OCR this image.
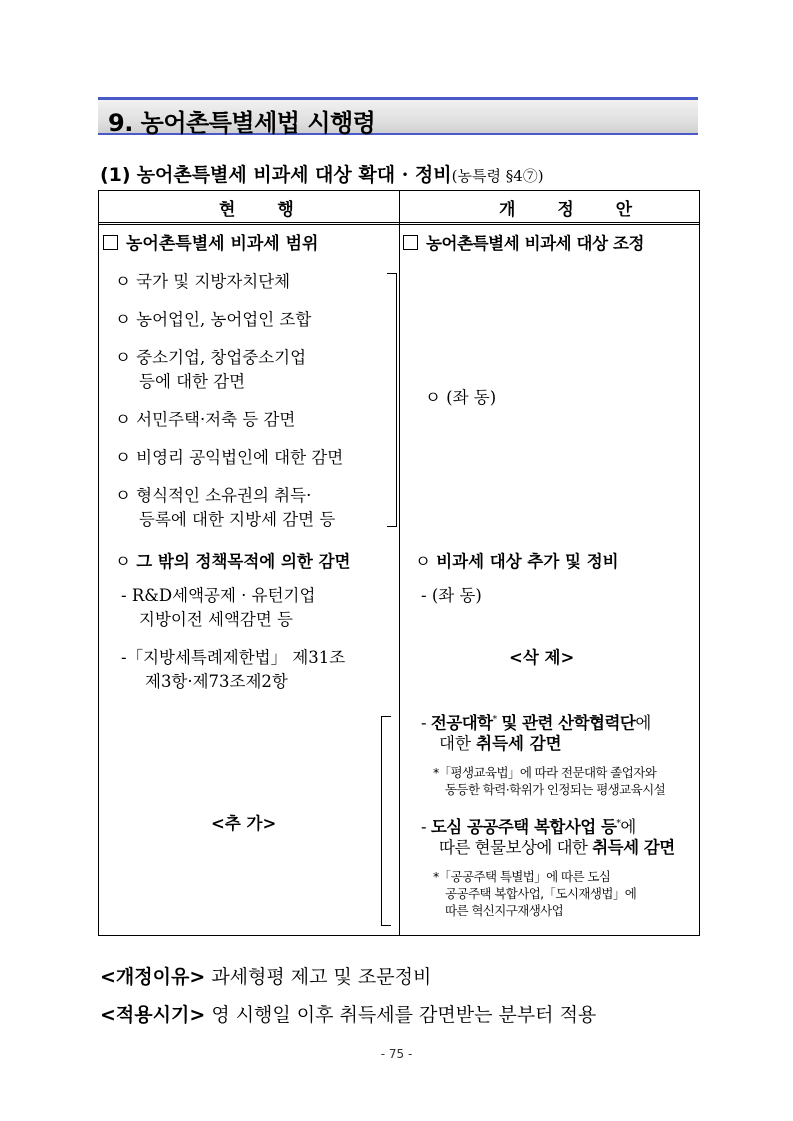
9. 농어촌특별세법 시행령
(1) 농어촌특별세 비과세 대상 확대 · 정비(농특령 §4⑦)
현 행	개 정 안
농어촌특별세 비과세 범위
ㅇ 국가 및 지방자치단체
ㅇ 농어업인, 농어업인 조합
ㅇ 중소기업, 창업중소기업
등에 대한 감면
ㅇ 서민주택·저축 등 감면
ㅇ 비영리 공익법인에 대한 감면
ㅇ 형식적인 소유권의 취득·
등록에 대한 지방세 감면 등
ㅇ 그 밖의 정책목적에 의한 감면
- R&D세액공제 · 유턴기업
지방이전 세액감면 등
-「지방세특례제한법」 제31조
제3항·제73조제2항
<추 가>
농어촌특별세 비과세 대상 조정
ㅇ (좌 동)
ㅇ 비과세 대상 추가 및 정비
- (좌 동)
<삭 제>
- 전공대학* 및 관련 산학협력단에
대한 취득세 감면
*「평생교육법」에 따라 전문대학 졸업자와
동등한 학력·학위가 인정되는 평생교육시설
- 도심 공공주택 복합사업 등*에
따른 현물보상에 대한 취득세 감면
*「공공주택 특별법」에 따른 도심
공공주택 복합사업,「도시재생법」에
따른 혁신지구재생사업
<개정이유> 과세형평 제고 및 조문정비
<적용시기> 영 시행일 이후 취득세를 감면받는 분부터 적용
- 75 -
